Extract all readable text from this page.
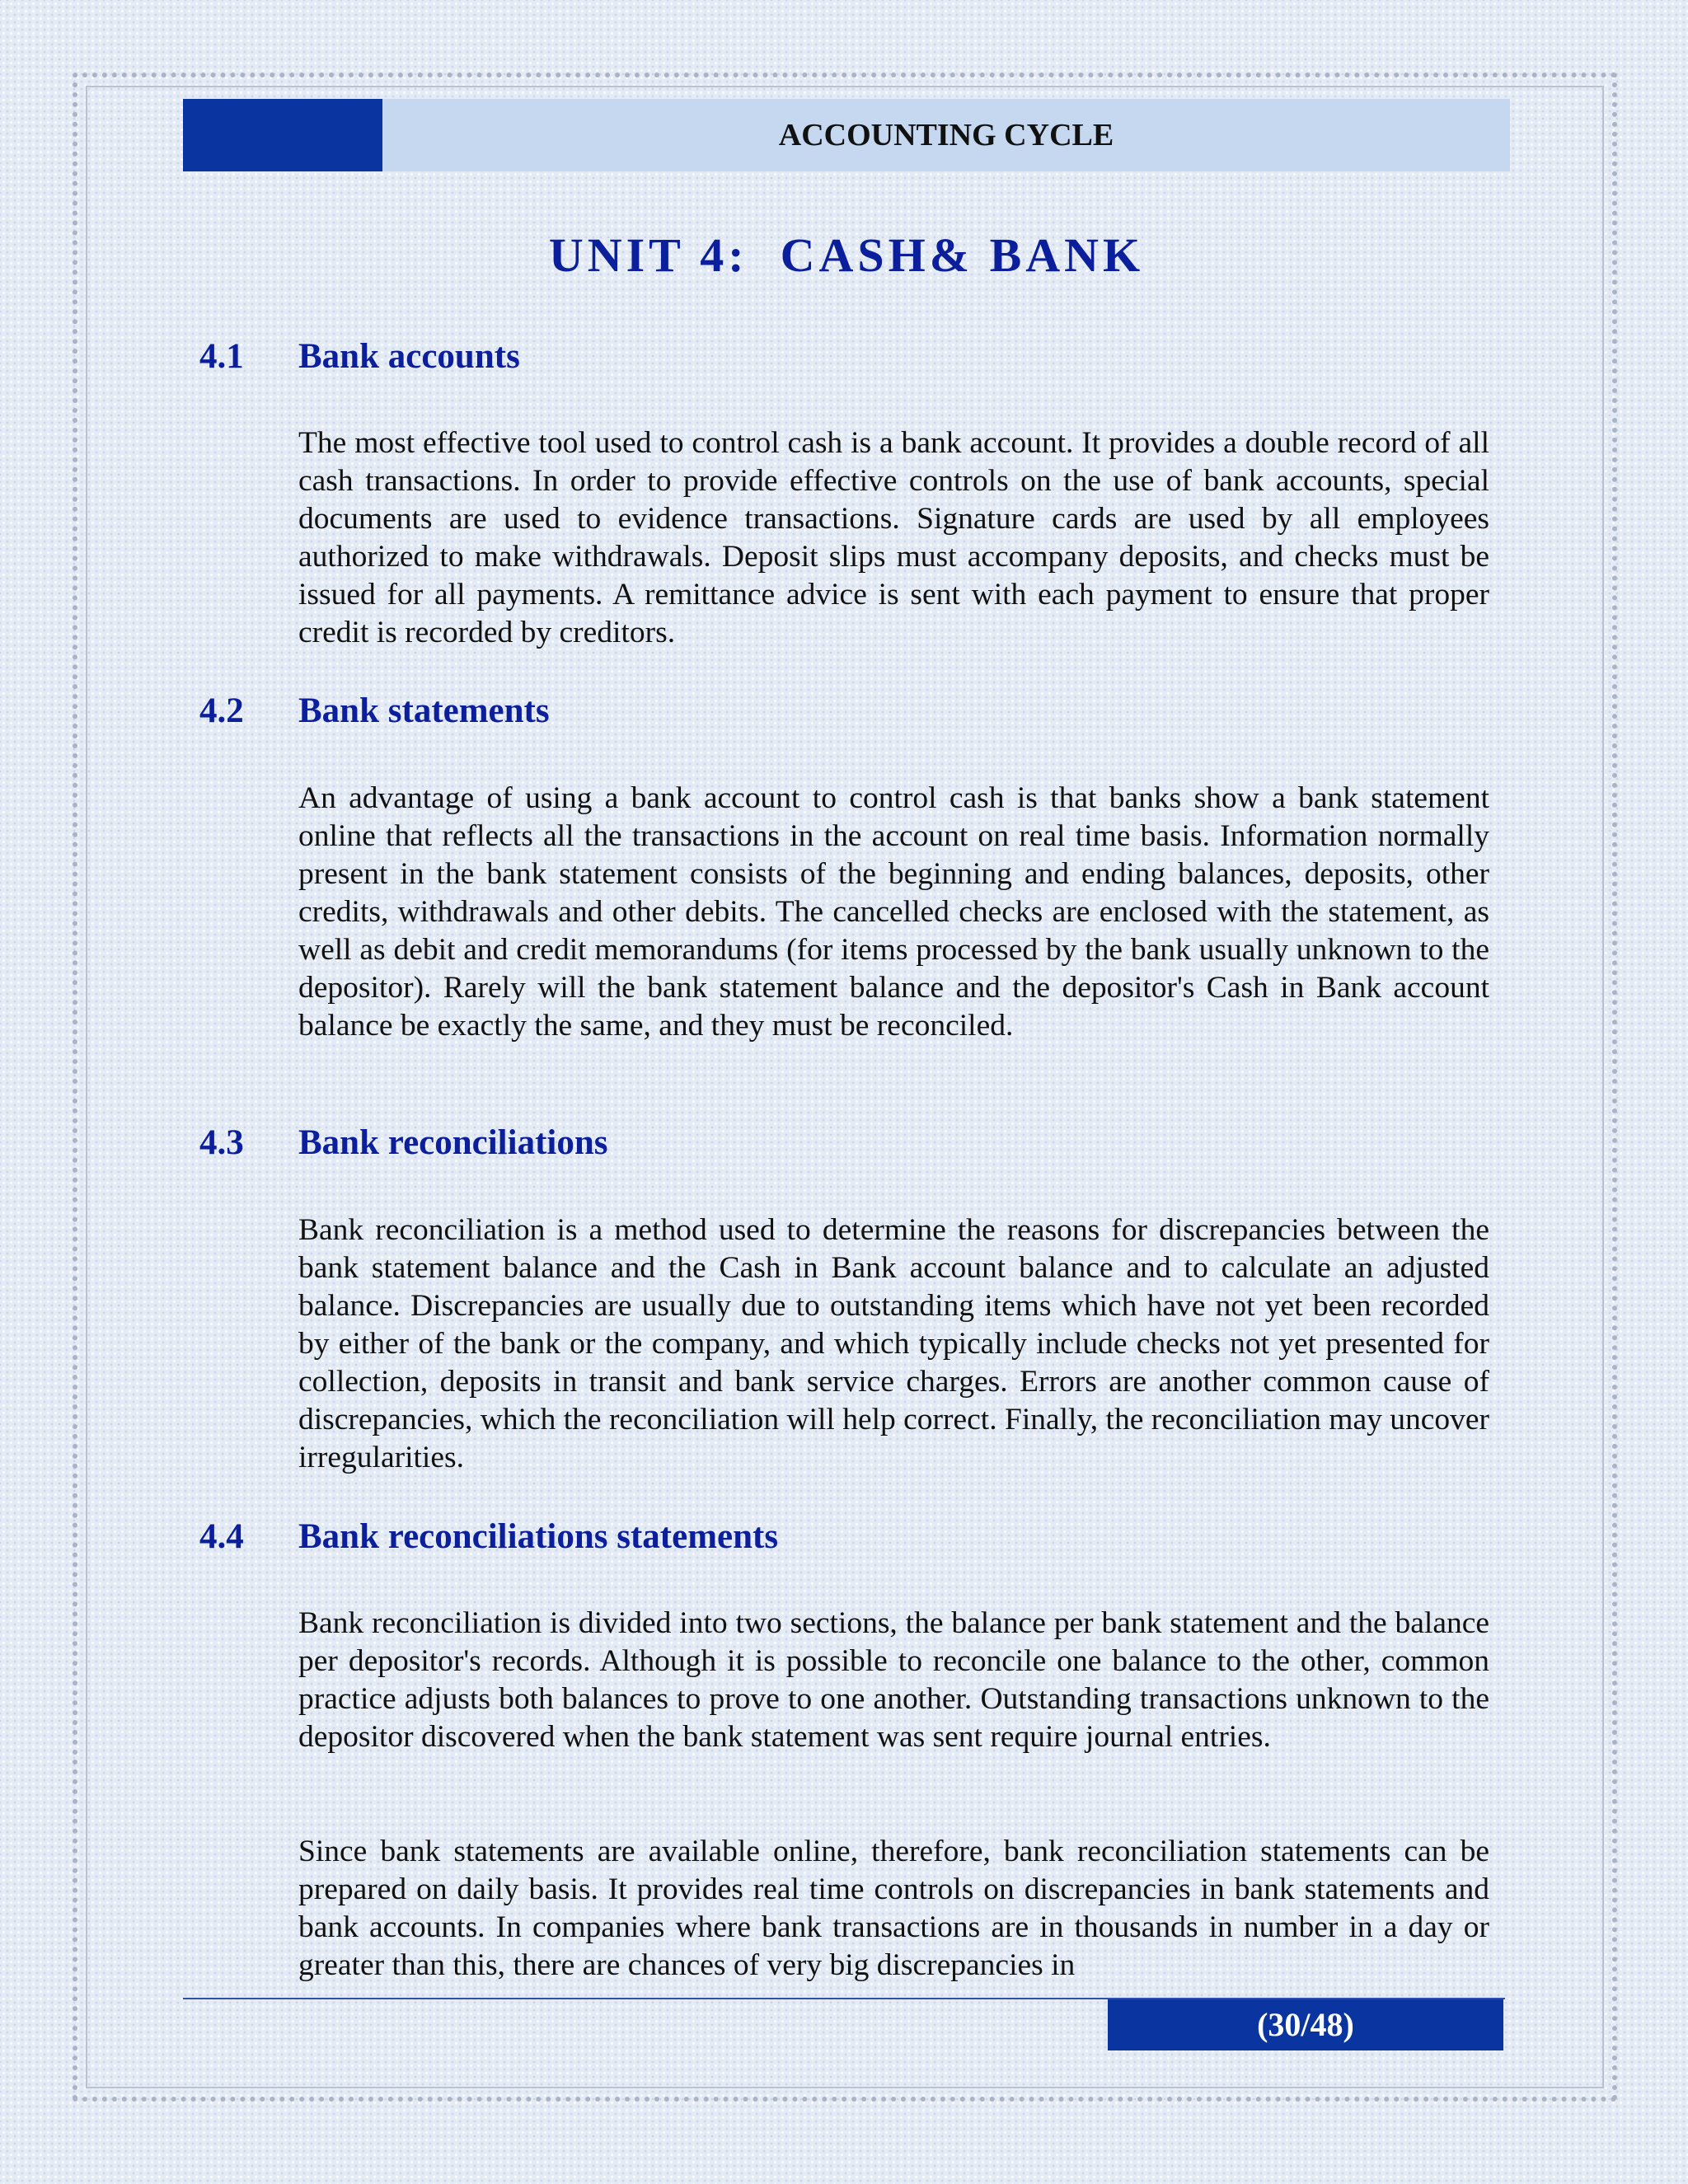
ACCOUNTING CYCLE
UNIT 4:  CASH& BANK
4.1 Bank accounts

The most effective tool used to control cash is a bank account. It provides a double record of all cash transactions. In order to provide effective controls on the use of bank accounts, special documents are used to evidence transactions. Signature cards are used by all employees authorized to make withdrawals. Deposit slips must accompany deposits, and checks must be issued for all payments. A remittance advice is sent with each payment to ensure that proper credit is recorded by creditors.

4.2 Bank statements

An advantage of using a bank account to control cash is that banks show a bank statement online that reflects all the transactions in the account on real time basis. Information normally present in the bank statement consists of the beginning and ending balances, deposits, other credits, withdrawals and other debits. The cancelled checks are enclosed with the statement, as well as debit and credit memorandums (for items processed by the bank usually unknown to the depositor). Rarely will the bank statement balance and the depositor's Cash in Bank account balance be exactly the same, and they must be reconciled.

4.3 Bank reconciliations

Bank reconciliation is a method used to determine the reasons for discrepancies between the bank statement balance and the Cash in Bank account balance and to calculate an adjusted balance. Discrepancies are usually due to outstanding items which have not yet been recorded by either of the bank or the company, and which typically include checks not yet presented for collection, deposits in transit and bank service charges. Errors are another common cause of discrepancies, which the reconciliation will help correct. Finally, the reconciliation may uncover irregularities.

4.4 Bank reconciliations statements

Bank reconciliation is divided into two sections, the balance per bank statement and the balance per depositor's records. Although it is possible to reconcile one balance to the other, common practice adjusts both balances to prove to one another. Outstanding transactions unknown to the depositor discovered when the bank statement was sent require journal entries.

Since bank statements are available online, therefore, bank reconciliation statements can be prepared on daily basis. It provides real time controls on discrepancies in bank statements and bank accounts. In companies where bank transactions are in thousands in number in a day or greater than this, there are chances of very big discrepancies in

(30/48)
